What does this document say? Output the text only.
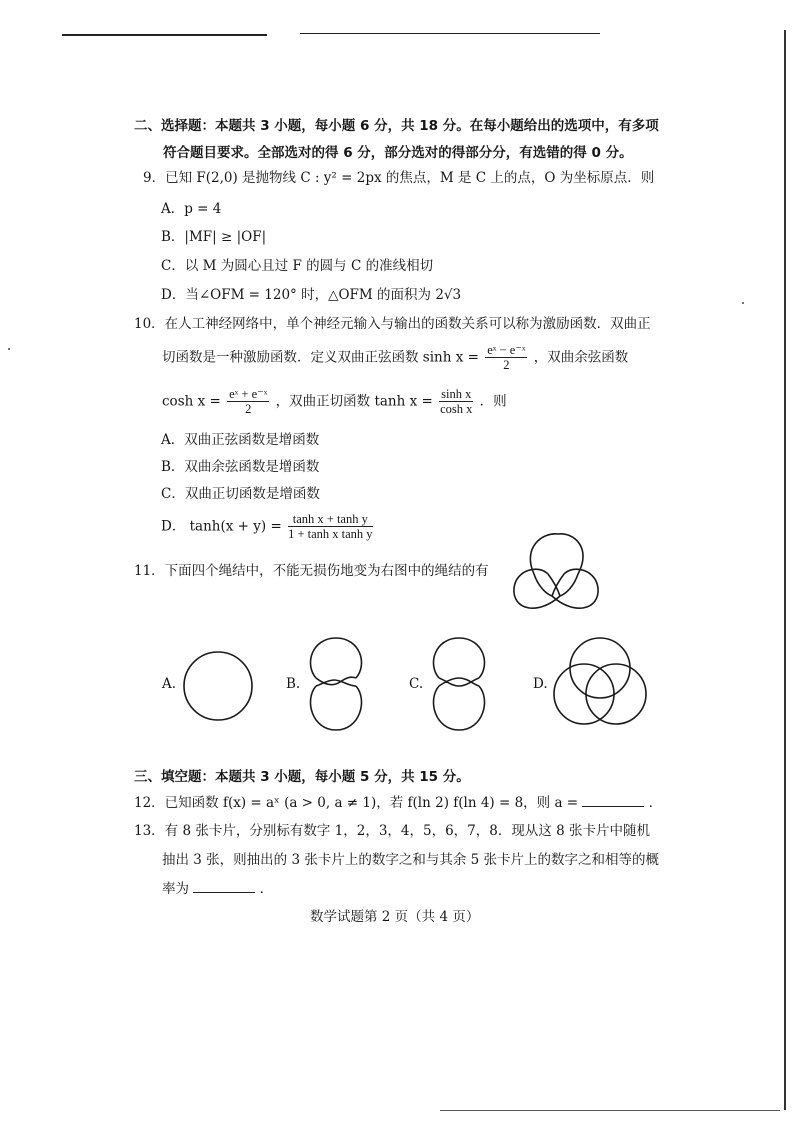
二、选择题：本题共 3 小题，每小题 6 分，共 18 分。在每小题给出的选项中，有多项
符合题目要求。全部选对的得 6 分，部分选对的得部分分，有选错的得 0 分。
9．已知 F(2,0) 是抛物线 C : y² = 2px 的焦点，M 是 C 上的点，O 为坐标原点．则
A．p = 4
B．|MF| ≥ |OF|
C．以 M 为圆心且过 F 的圆与 C 的准线相切
D．当∠OFM = 120° 时，△OFM 的面积为 2√3
10．在人工神经网络中，单个神经元输入与输出的函数关系可以称为激励函数．双曲正
切函数是一种激励函数．定义双曲正弦函数 $\sinh x = \frac{\text{eˣ − e⁻ˣ}}{2}$ ，双曲余弦函数
$\cosh x = \frac{\text{eˣ + e⁻ˣ}}{2}$ ，双曲正切函数 $\tanh x = \frac{\text{sinh x}}{\text{cosh x}}$ ．则
A．双曲正弦函数是增函数
B．双曲余弦函数是增函数
C．双曲正切函数是增函数
D． $\tanh(x + y) = \frac{\text{tanh x + tanh y}}{\text{1 + tanh x tanh y}}$
11．下面四个绳结中，不能无损伤地变为右图中的绳结的有
A.	B.	C.	D.
三、填空题：本题共 3 小题，每小题 5 分，共 15 分。
12．已知函数 f(x) = aˣ (a > 0, a ≠ 1)，若 f(ln 2) f(ln 4) = 8，则 a =	．
13．有 8 张卡片，分别标有数字 1，2，3，4，5，6，7，8．现从这 8 张卡片中随机
抽出 3 张，则抽出的 3 张卡片上的数字之和与其余 5 张卡片上的数字之和相等的概
率为	．
数学试题第 2 页（共 4 页）
